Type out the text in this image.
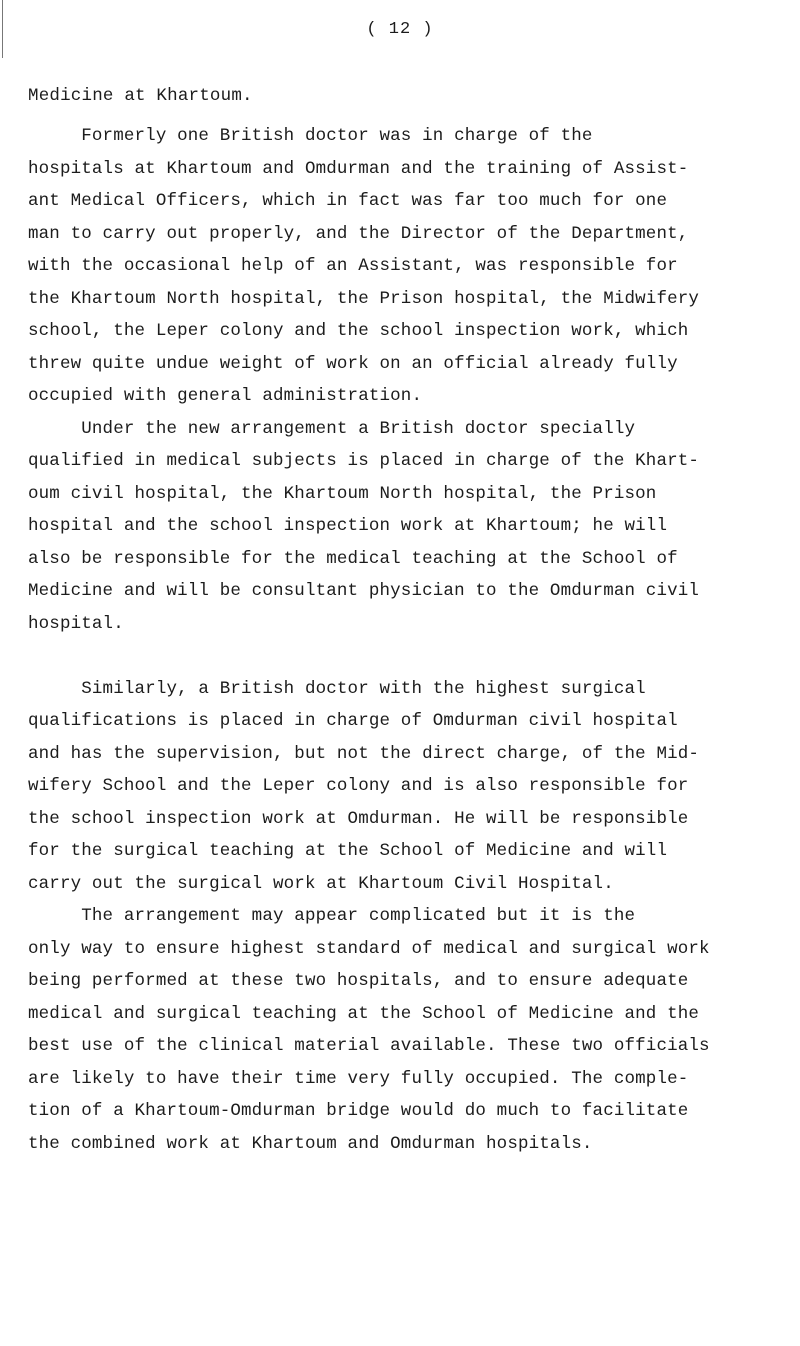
( 12 )
Medicine at Khartoum.
Formerly one British doctor was in charge of the
hospitals at Khartoum and Omdurman and the training of Assist-
ant Medical Officers, which in fact was far too much for one
man to carry out properly, and the Director of the Department,
with the occasional help of an Assistant, was responsible for
the Khartoum North hospital, the Prison hospital, the Midwifery
school, the Leper colony and the school inspection work, which
threw quite undue weight of work on an official already fully
occupied with general administration.
Under the new arrangement a British doctor specially
qualified in medical subjects is placed in charge of the Khart-
oum civil hospital, the Khartoum North hospital, the Prison
hospital and the school inspection work at Khartoum; he will
also be responsible for the medical teaching at the School of
Medicine and will be consultant physician to the Omdurman civil
hospital.
Similarly, a British doctor with the highest surgical
qualifications is placed in charge of Omdurman civil hospital
and has the supervision, but not the direct charge, of the Mid-
wifery School and the Leper colony and is also responsible for
the school inspection work at Omdurman. He will be responsible
for the surgical teaching at the School of Medicine and will
carry out the surgical work at Khartoum Civil Hospital.
The arrangement may appear complicated but it is the
only way to ensure highest standard of medical and surgical work
being performed at these two hospitals, and to ensure adequate
medical and surgical teaching at the School of Medicine and the
best use of the clinical material available. These two officials
are likely to have their time very fully occupied. The comple-
tion of a Khartoum-Omdurman bridge would do much to facilitate
the combined work at Khartoum and Omdurman hospitals.
